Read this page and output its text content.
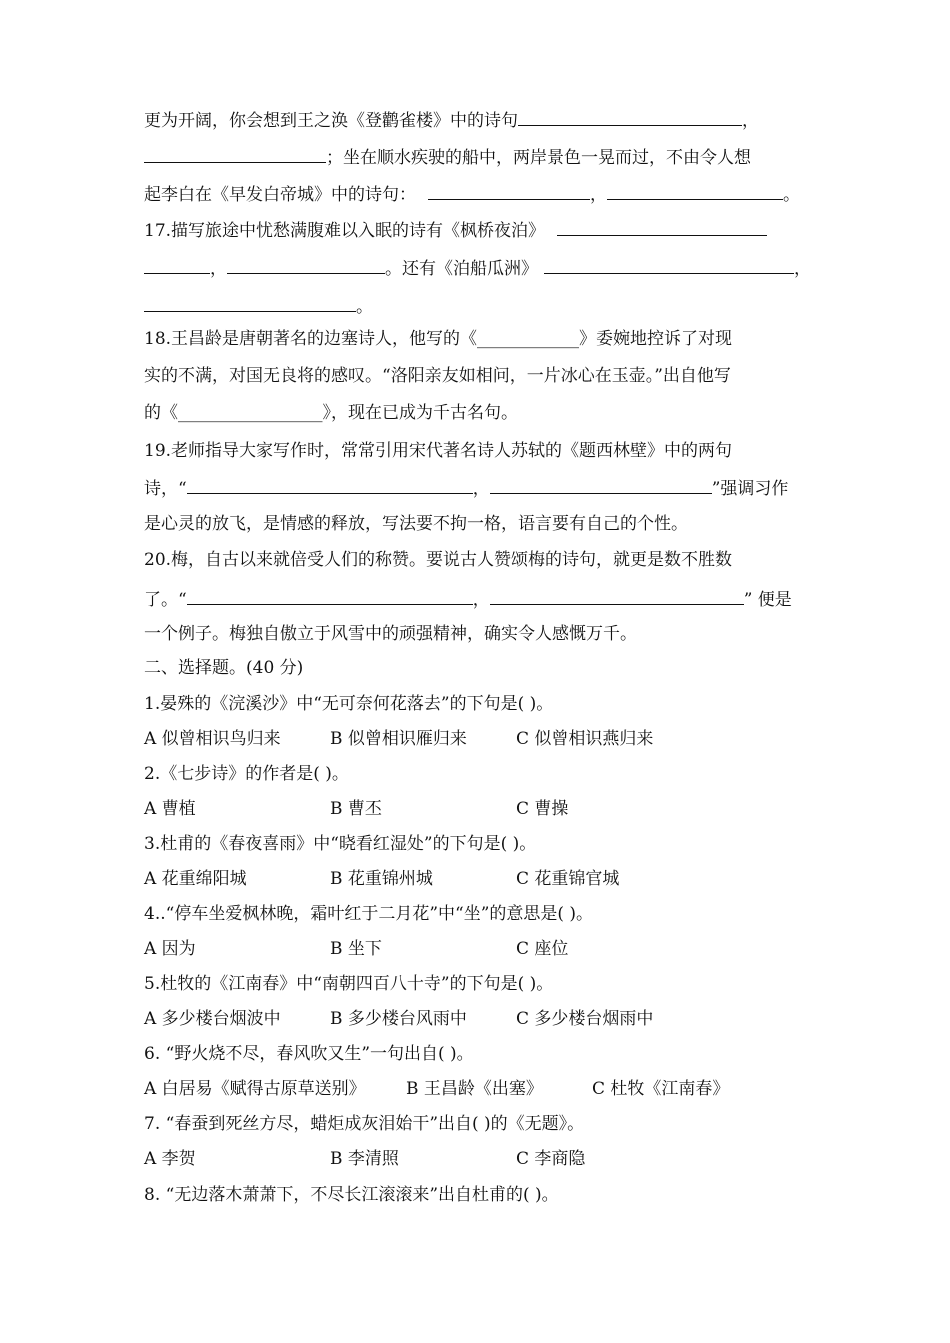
更为开阔，你会想到王之涣《登鹳雀楼》中的诗句	，
；坐在顺水疾驶的船中，两岸景色一晃而过，不由令人想
起李白在《早发白帝城》中的诗句：	，	。
17.描写旅途中忧愁满腹难以入眠的诗有《枫桥夜泊》
，	。还有《泊船瓜洲》	，
。
18.王昌龄是唐朝著名的边塞诗人，他写的《____________》委婉地控诉了对现
实的不满，对国无良将的感叹。“洛阳亲友如相问，一片冰心在玉壶。”出自他写
的《_________________》，现在已成为千古名句。
19.老师指导大家写作时，常常引用宋代著名诗人苏轼的《题西林壁》中的两句
诗，“	，	”强调习作
是心灵的放飞，是情感的释放，写法要不拘一格，语言要有自己的个性。
20.梅，自古以来就倍受人们的称赞。要说古人赞颂梅的诗句，就更是数不胜数
了。“	，	” 便是
一个例子。梅独自傲立于风雪中的顽强精神，确实令人感慨万千。
二、选择题。(40 分)
1.晏殊的《浣溪沙》中“无可奈何花落去”的下句是( )。
A 似曾相识鸟归来	B 似曾相识雁归来	C 似曾相识燕归来
2.《七步诗》的作者是( )。
A 曹植	B 曹丕	C 曹操
3.杜甫的《春夜喜雨》中“晓看红湿处”的下句是( )。
A 花重绵阳城	B 花重锦州城	C 花重锦官城
4..“停车坐爱枫林晚，霜叶红于二月花”中“坐”的意思是( )。
A 因为	B 坐下	C 座位
5.杜牧的《江南春》中“南朝四百八十寺”的下句是( )。
A 多少楼台烟波中	B 多少楼台风雨中	C 多少楼台烟雨中
6. “野火烧不尽，春风吹又生”一句出自( )。
A 白居易《赋得古原草送别》 B 王昌龄《出塞》	C 杜牧《江南春》
7. “春蚕到死丝方尽，蜡炬成灰泪始干”出自( )的《无题》。
A 李贺	B 李清照	C 李商隐
8. “无边落木萧萧下，不尽长江滚滚来”出自杜甫的( )。
